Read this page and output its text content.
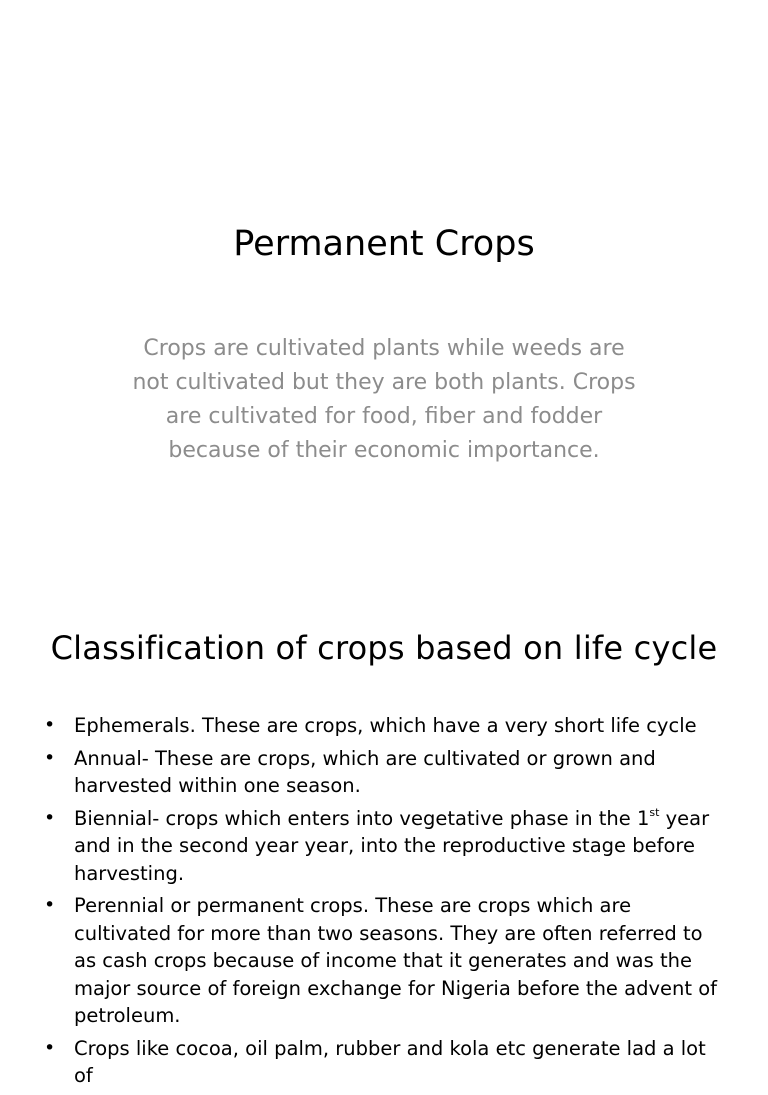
Permanent Crops

Crops are cultivated plants while weeds are
not cultivated but they are both plants. Crops
are cultivated for food, fiber and fodder
because of their economic importance.

Classification of crops based on life cycle
• Ephemerals. These are crops, which have a very short life cycle
• Annual- These are crops, which are cultivated or grown and harvested within one season.
• Biennial- crops which enters into vegetative phase in the 1st year and in the second year year, into the reproductive stage before harvesting.
• Perennial or permanent crops. These are crops which are cultivated for more than two seasons. They are often referred to as cash crops because of income that it generates and was the major source of foreign exchange for Nigeria before the advent of petroleum.
• Crops like cocoa, oil palm, rubber and kola etc generate lad a lot of
